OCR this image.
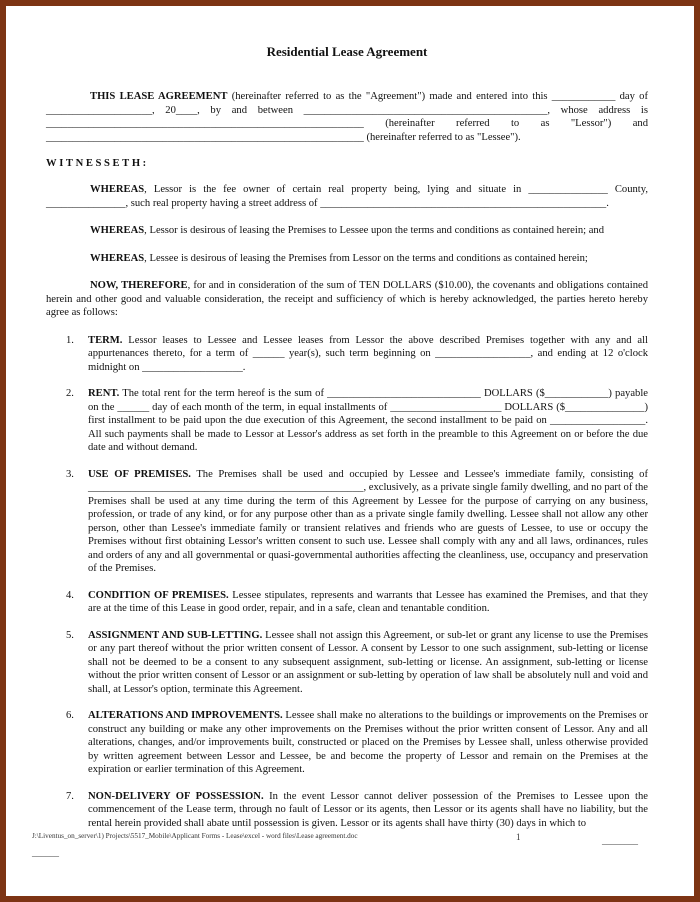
Residential Lease Agreement
THIS LEASE AGREEMENT (hereinafter referred to as the "Agreement") made and entered into this ____________ day of ____________________, 20____, by and between ______________________________________________, whose address is ____________________________________________________________ (hereinafter referred to as "Lessor") and ____________________________________________________________ (hereinafter referred to as "Lessee").
WITNESSETH:
WHEREAS, Lessor is the fee owner of certain real property being, lying and situate in _______________ County, _______________, such real property having a street address of ______________________________________________________.
WHEREAS, Lessor is desirous of leasing the Premises to Lessee upon the terms and conditions as contained herein; and
WHEREAS, Lessee is desirous of leasing the Premises from Lessor on the terms and conditions as contained herein;
NOW, THEREFORE, for and in consideration of the sum of TEN DOLLARS ($10.00), the covenants and obligations contained herein and other good and valuable consideration, the receipt and sufficiency of which is hereby acknowledged, the parties hereto hereby agree as follows:
1. TERM. Lessor leases to Lessee and Lessee leases from Lessor the above described Premises together with any and all appurtenances thereto, for a term of ______ year(s), such term beginning on __________________, and ending at 12 o'clock midnight on ___________________.
2. RENT. The total rent for the term hereof is the sum of _____________________________ DOLLARS ($____________) payable on the ______ day of each month of the term, in equal installments of _____________________ DOLLARS ($_______________) first installment to be paid upon the due execution of this Agreement, the second installment to be paid on __________________. All such payments shall be made to Lessor at Lessor's address as set forth in the preamble to this Agreement on or before the due date and without demand.
3. USE OF PREMISES. The Premises shall be used and occupied by Lessee and Lessee's immediate family, consisting of ____________________________________________________, exclusively, as a private single family dwelling, and no part of the Premises shall be used at any time during the term of this Agreement by Lessee for the purpose of carrying on any business, profession, or trade of any kind, or for any purpose other than as a private single family dwelling. Lessee shall not allow any other person, other than Lessee's immediate family or transient relatives and friends who are guests of Lessee, to use or occupy the Premises without first obtaining Lessor's written consent to such use. Lessee shall comply with any and all laws, ordinances, rules and orders of any and all governmental or quasi-governmental authorities affecting the cleanliness, use, occupancy and preservation of the Premises.
4. CONDITION OF PREMISES. Lessee stipulates, represents and warrants that Lessee has examined the Premises, and that they are at the time of this Lease in good order, repair, and in a safe, clean and tenantable condition.
5. ASSIGNMENT AND SUB-LETTING. Lessee shall not assign this Agreement, or sub-let or grant any license to use the Premises or any part thereof without the prior written consent of Lessor. A consent by Lessor to one such assignment, sub-letting or license shall not be deemed to be a consent to any subsequent assignment, sub-letting or license. An assignment, sub-letting or license without the prior written consent of Lessor or an assignment or sub-letting by operation of law shall be absolutely null and void and shall, at Lessor's option, terminate this Agreement.
6. ALTERATIONS AND IMPROVEMENTS. Lessee shall make no alterations to the buildings or improvements on the Premises or construct any building or make any other improvements on the Premises without the prior written consent of Lessor. Any and all alterations, changes, and/or improvements built, constructed or placed on the Premises by Lessee shall, unless otherwise provided by written agreement between Lessor and Lessee, be and become the property of Lessor and remain on the Premises at the expiration or earlier termination of this Agreement.
7. NON-DELIVERY OF POSSESSION. In the event Lessor cannot deliver possession of the Premises to Lessee upon the commencement of the Lease term, through no fault of Lessor or its agents, then Lessor or its agents shall have no liability, but the rental herein provided shall abate until possession is given. Lessor or its agents shall have thirty (30) days in which to
J:\Liventus_on_server\1) Projects\5517_Mobile\Applicant Forms - Lease\excel - word files\Lease agreement.doc	1	________
______
